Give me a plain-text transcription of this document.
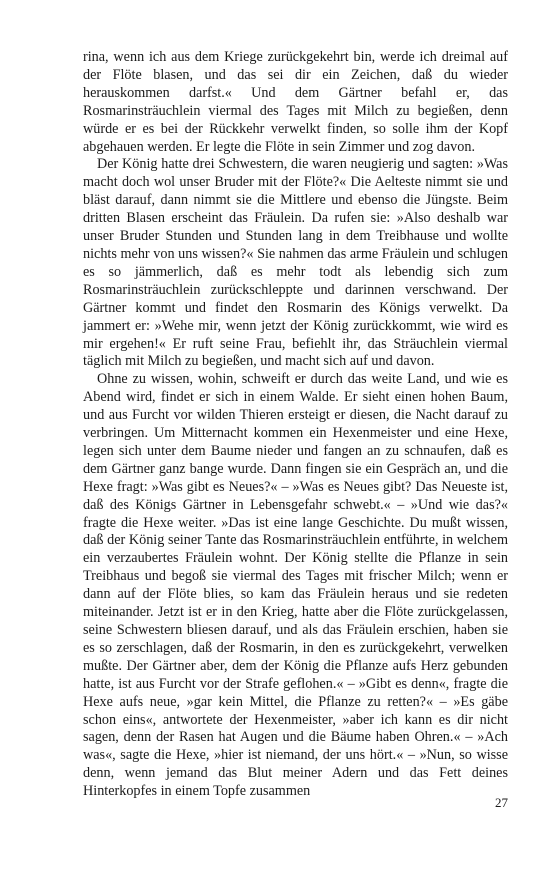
rina, wenn ich aus dem Kriege zurückgekehrt bin, werde ich dreimal auf der Flöte blasen, und das sei dir ein Zeichen, daß du wieder herauskommen darfst.« Und dem Gärtner befahl er, das Rosmarinsträuchlein viermal des Tages mit Milch zu begießen, denn würde er es bei der Rückkehr verwelkt finden, so solle ihm der Kopf abgehauen werden. Er legte die Flöte in sein Zimmer und zog davon.

Der König hatte drei Schwestern, die waren neugierig und sagten: »Was macht doch wol unser Bruder mit der Flöte?« Die Aelteste nimmt sie und bläst darauf, dann nimmt sie die Mittlere und ebenso die Jüngste. Beim dritten Blasen erscheint das Fräulein. Da rufen sie: »Also deshalb war unser Bruder Stunden und Stunden lang in dem Treibhause und wollte nichts mehr von uns wissen?« Sie nahmen das arme Fräulein und schlugen es so jämmerlich, daß es mehr todt als lebendig sich zum Rosmarinsträuchlein zurückschleppte und darinnen verschwand. Der Gärtner kommt und findet den Rosmarin des Königs verwelkt. Da jammert er: »Wehe mir, wenn jetzt der König zurückkommt, wie wird es mir ergehen!« Er ruft seine Frau, befiehlt ihr, das Sträuchlein viermal täglich mit Milch zu begießen, und macht sich auf und davon.

Ohne zu wissen, wohin, schweift er durch das weite Land, und wie es Abend wird, findet er sich in einem Walde. Er sieht einen hohen Baum, und aus Furcht vor wilden Thieren ersteigt er diesen, die Nacht darauf zu verbringen. Um Mitternacht kommen ein Hexenmeister und eine Hexe, legen sich unter dem Baume nieder und fangen an zu schnaufen, daß es dem Gärtner ganz bange wurde. Dann fingen sie ein Gespräch an, und die Hexe fragt: »Was gibt es Neues?« – »Was es Neues gibt? Das Neueste ist, daß des Königs Gärtner in Lebensgefahr schwebt.« – »Und wie das?« fragte die Hexe weiter. »Das ist eine lange Geschichte. Du mußt wissen, daß der König seiner Tante das Rosmarinsträuchlein entführte, in welchem ein verzaubertes Fräulein wohnt. Der König stellte die Pflanze in sein Treibhaus und begoß sie viermal des Tages mit frischer Milch; wenn er dann auf der Flöte blies, so kam das Fräulein heraus und sie redeten miteinander. Jetzt ist er in den Krieg, hatte aber die Flöte zurückgelassen, seine Schwestern bliesen darauf, und als das Fräulein erschien, haben sie es so zerschlagen, daß der Rosmarin, in den es zurückgekehrt, verwelken mußte. Der Gärtner aber, dem der König die Pflanze aufs Herz gebunden hatte, ist aus Furcht vor der Strafe geflohen.« – »Gibt es denn«, fragte die Hexe aufs neue, »gar kein Mittel, die Pflanze zu retten?« – »Es gäbe schon eins«, antwortete der Hexenmeister, »aber ich kann es dir nicht sagen, denn der Rasen hat Augen und die Bäume haben Ohren.« – »Ach was«, sagte die Hexe, »hier ist niemand, der uns hört.« – »Nun, so wisse denn, wenn jemand das Blut meiner Adern und das Fett deines Hinterkopfes in einem Topfe zusammen

27
